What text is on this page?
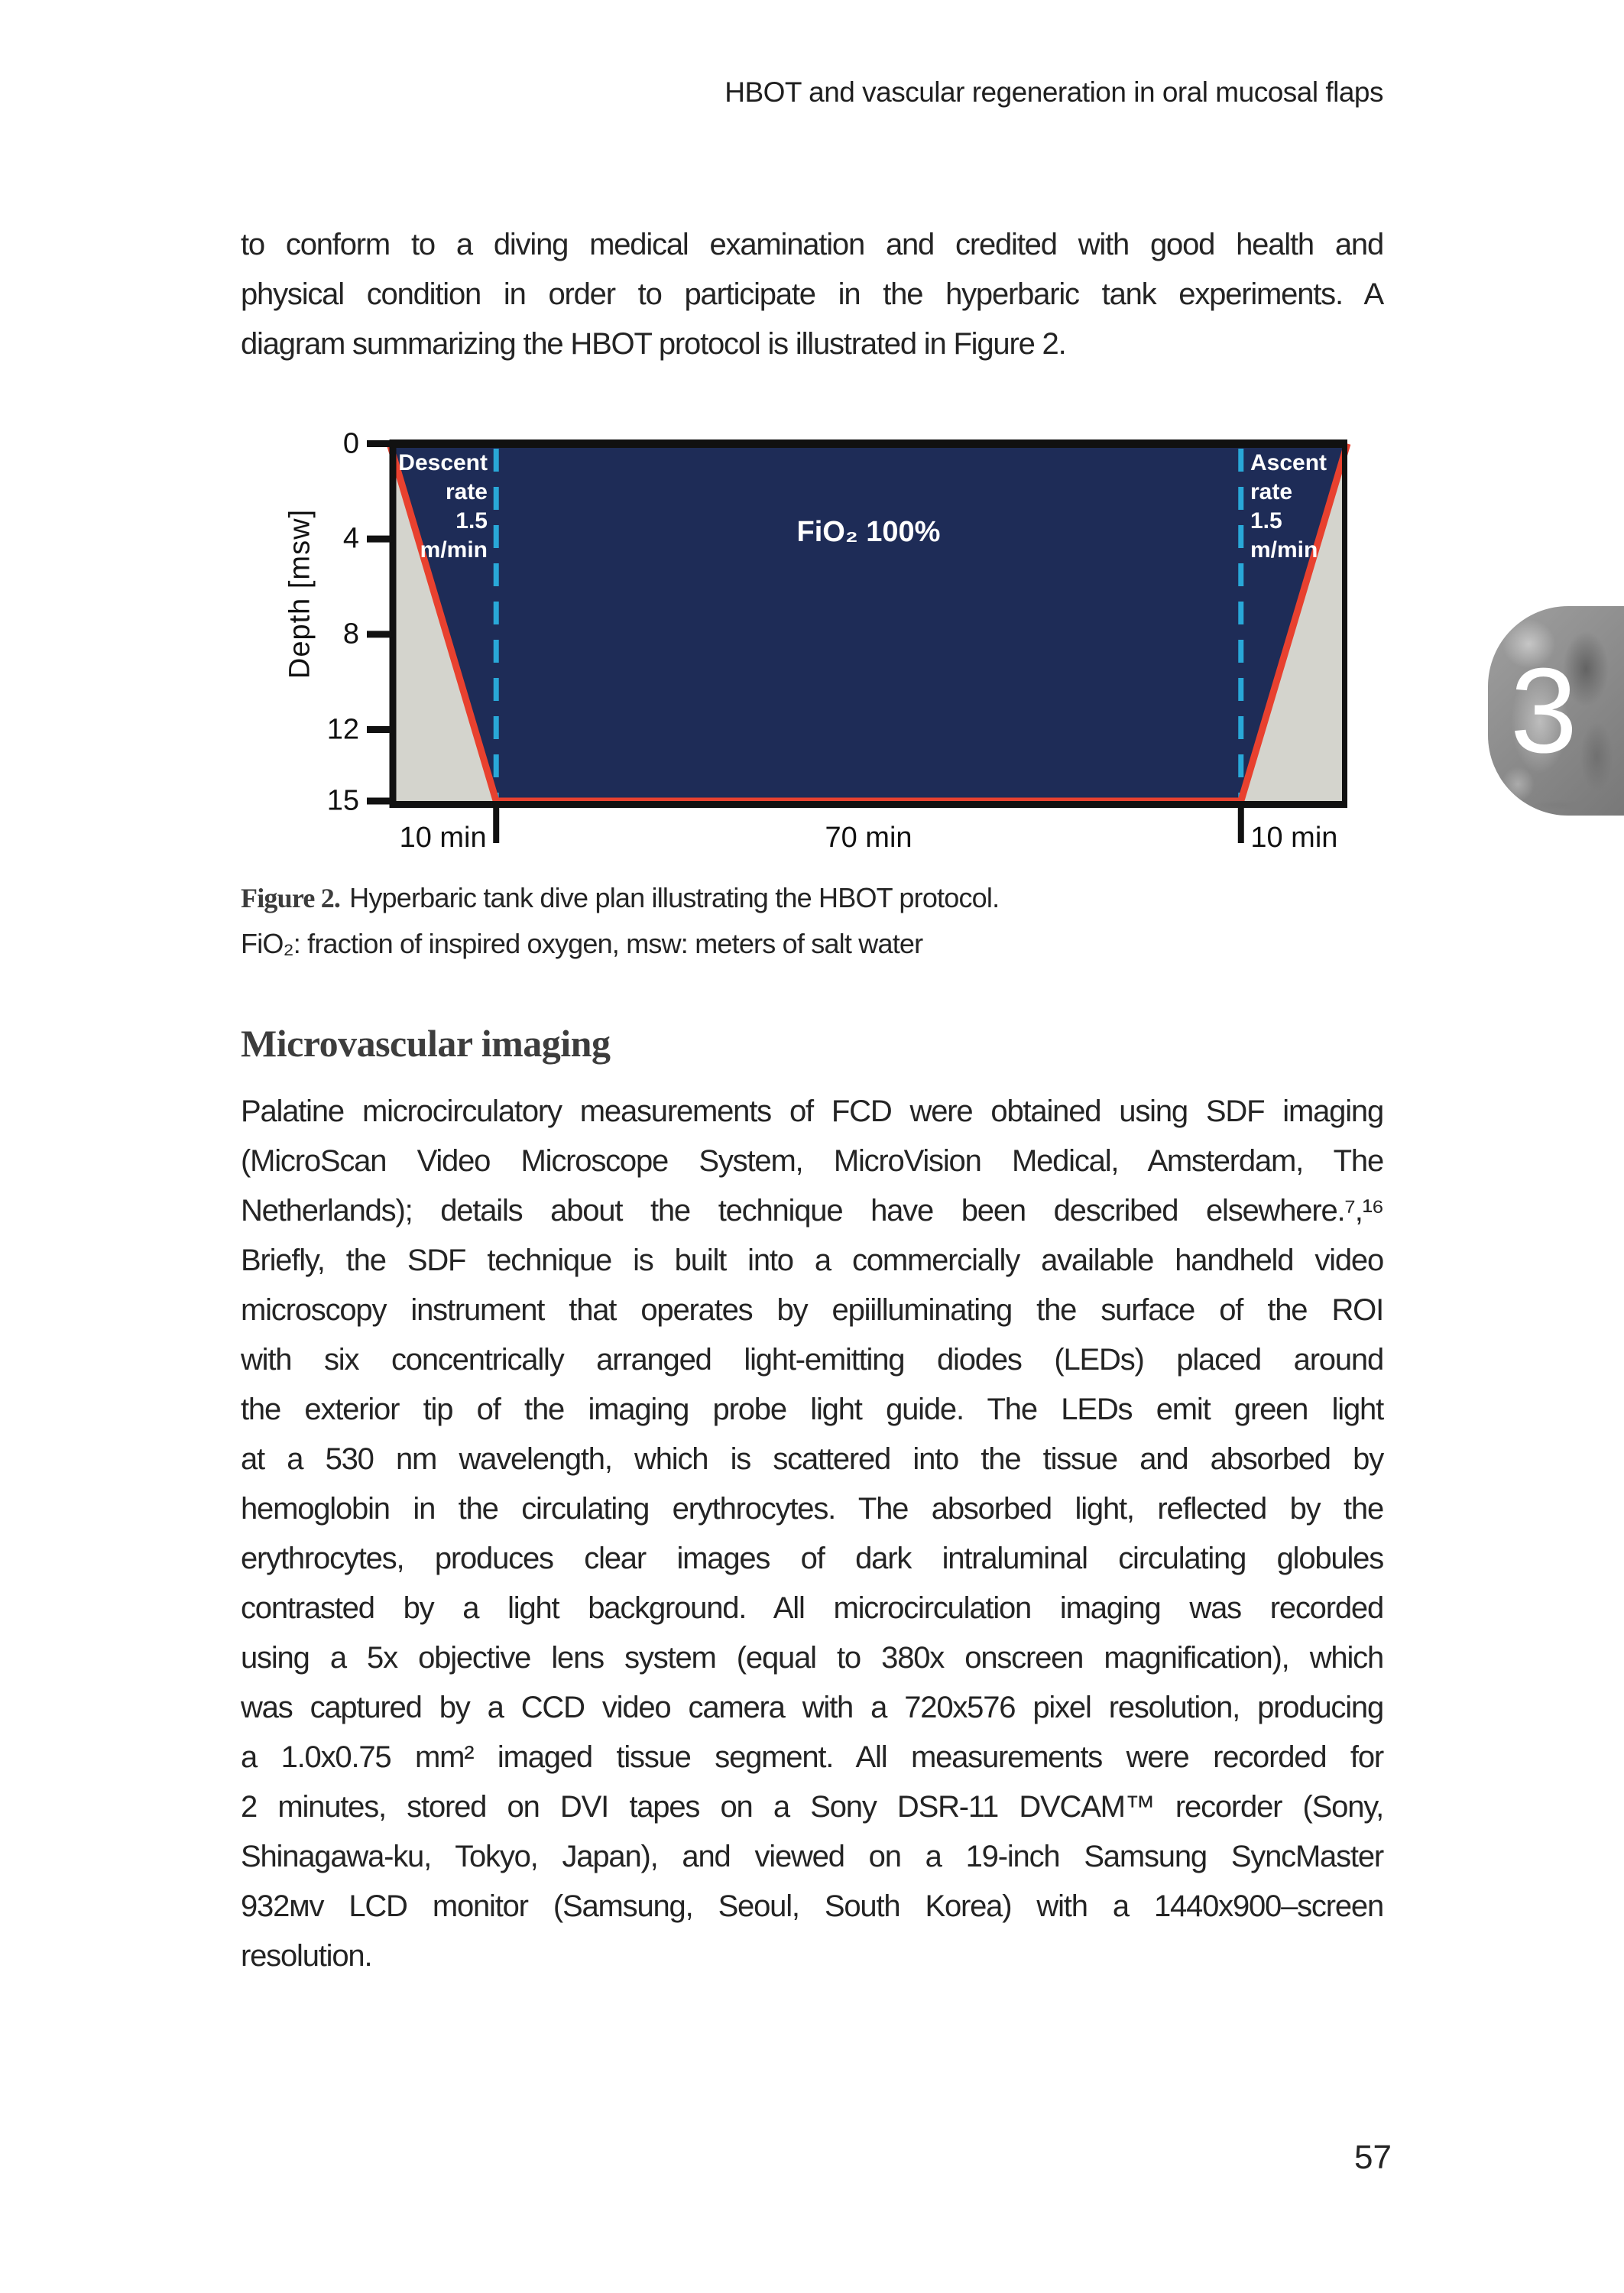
HBOT and vascular regeneration in oral mucosal flaps
to conform to a diving medical examination and credited with good health and
physical condition in order to participate in the hyperbaric tank experiments. A
diagram summarizing the HBOT protocol is illustrated in Figure 2.
Depth [msw]
0
4
8
12
15
10 min	70 min	10 min
Descent rate
1.5 m/min
Ascent rate
1.5 m/min
FiO₂ 100%
Figure 2. Hyperbaric tank dive plan illustrating the HBOT protocol.
FiO₂: fraction of inspired oxygen, msw: meters of salt water
Microvascular imaging
Palatine microcirculatory measurements of FCD were obtained using SDF imaging
(MicroScan Video Microscope System, MicroVision Medical, Amsterdam, The
Netherlands); details about the technique have been described elsewhere.⁷,¹⁶
Briefly, the SDF technique is built into a commercially available handheld video
microscopy instrument that operates by epiilluminating the surface of the ROI
with six concentrically arranged light-emitting diodes (LEDs) placed around
the exterior tip of the imaging probe light guide. The LEDs emit green light
at a 530 nm wavelength, which is scattered into the tissue and absorbed by
hemoglobin in the circulating erythrocytes. The absorbed light, reflected by the
erythrocytes, produces clear images of dark intraluminal circulating globules
contrasted by a light background. All microcirculation imaging was recorded
using a 5x objective lens system (equal to 380x onscreen magnification), which
was captured by a CCD video camera with a 720x576 pixel resolution, producing
a 1.0x0.75 mm² imaged tissue segment. All measurements were recorded for
2 minutes, stored on DVI tapes on a Sony DSR-11 DVCAM™ recorder (Sony,
Shinagawa-ku, Tokyo, Japan), and viewed on a 19-inch Samsung SyncMaster
932ᴍᴠ LCD monitor (Samsung, Seoul, South Korea) with a 1440x900–screen
resolution.
3
57
